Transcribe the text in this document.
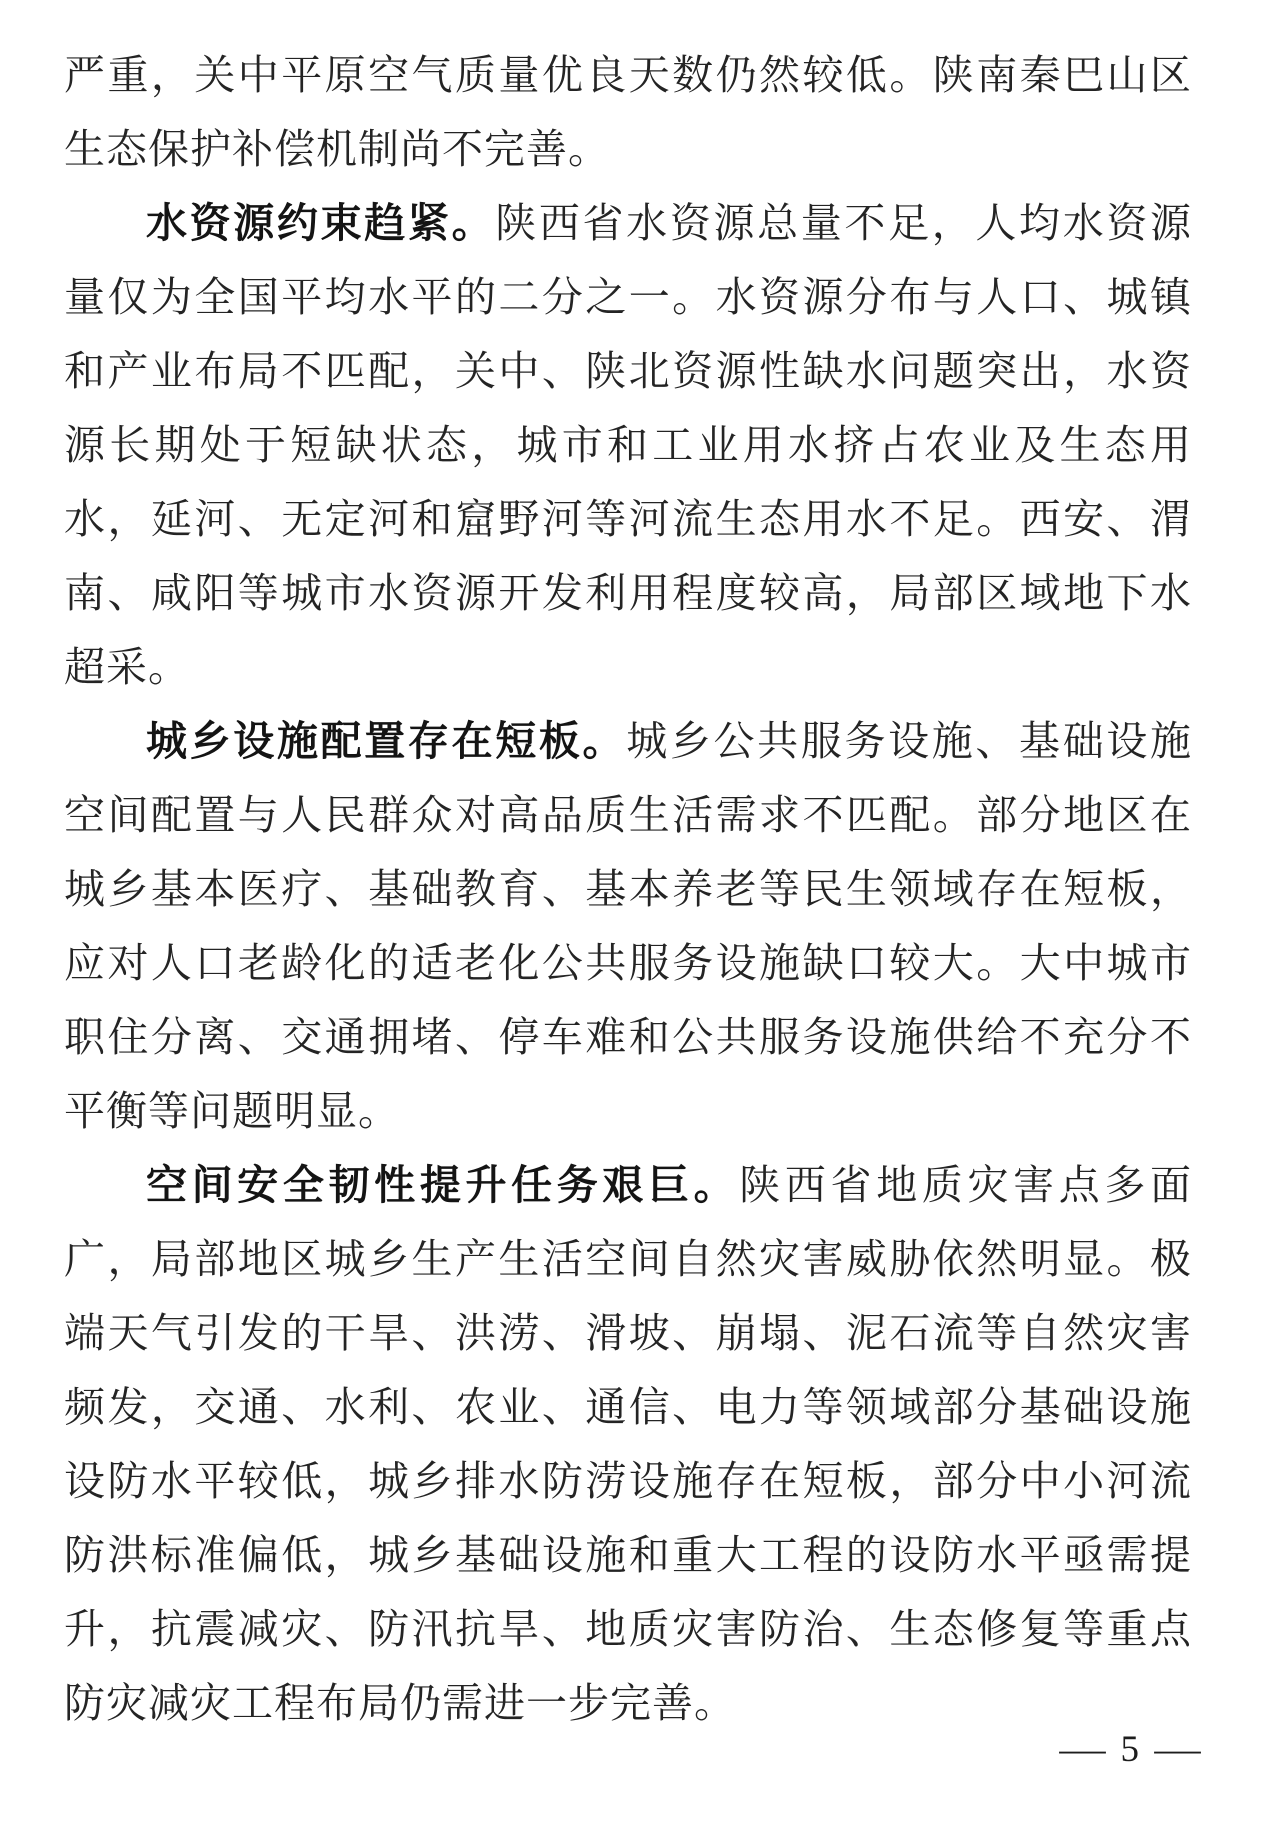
严重，关中平原空气质量优良天数仍然较低。陕南秦巴山区生态保护补偿机制尚不完善。

水资源约束趋紧。陕西省水资源总量不足，人均水资源量仅为全国平均水平的二分之一。水资源分布与人口、城镇和产业布局不匹配，关中、陕北资源性缺水问题突出，水资源长期处于短缺状态，城市和工业用水挤占农业及生态用水，延河、无定河和窟野河等河流生态用水不足。西安、渭南、咸阳等城市水资源开发利用程度较高，局部区域地下水超采。

城乡设施配置存在短板。城乡公共服务设施、基础设施空间配置与人民群众对高品质生活需求不匹配。部分地区在城乡基本医疗、基础教育、基本养老等民生领域存在短板，应对人口老龄化的适老化公共服务设施缺口较大。大中城市职住分离、交通拥堵、停车难和公共服务设施供给不充分不平衡等问题明显。

空间安全韧性提升任务艰巨。陕西省地质灾害点多面广，局部地区城乡生产生活空间自然灾害威胁依然明显。极端天气引发的干旱、洪涝、滑坡、崩塌、泥石流等自然灾害频发，交通、水利、农业、通信、电力等领域部分基础设施设防水平较低，城乡排水防涝设施存在短板，部分中小河流防洪标准偏低，城乡基础设施和重大工程的设防水平亟需提升，抗震减灾、防汛抗旱、地质灾害防治、生态修复等重点防灾减灾工程布局仍需进一步完善。

— 5 —
